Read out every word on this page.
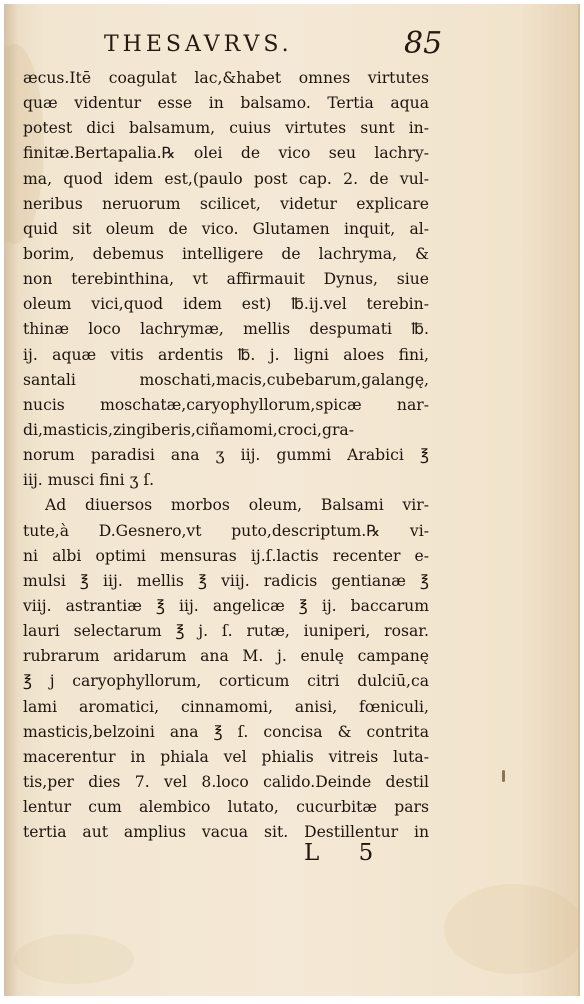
THESAVRVS.	85
æcus.Itē coagulat lac,&habet omnes virtutes
quæ videntur esse in balsamo. Tertia aqua
potest dici balsamum, cuius virtutes sunt in-
finitæ.Bertapalia.℞ olei de vico seu lachry-
ma, quod idem est,(paulo post cap. 2. de vul-
neribus neruorum scilicet, videtur explicare
quid sit oleum de vico. Glutamen inquit, al-
borim, debemus intelligere de lachryma, &
non terebinthina, vt affirmauit Dynus, siue
oleum vici,quod idem est) ℔.ij.vel terebin-
thinæ loco lachrymæ, mellis despumati ℔.
ij. aquæ vitis ardentis ℔. j. ligni aloes fini,
santali moschati,macis,cubebarum,galangę,
nucis moschatæ,caryophyllorum,spicæ nar-
di,masticis,zingiberis,ciñamomi,croci,gra-
norum paradisi ana ʒ iij. gummi Arabici ℥
iij. musci fini ʒ ſ.
Ad diuersos morbos oleum, Balsami vir-
tute,à D.Gesnero,vt puto,descriptum.℞ vi-
ni albi optimi mensuras ij.ſ.lactis recenter e-
mulsi ℥ iij. mellis ℥ viij. radicis gentianæ ℥
viij. astrantiæ ℥ iij. angelicæ ℥ ij. baccarum
lauri selectarum ℥ j. ſ. rutæ, iuniperi, rosar.
rubrarum aridarum ana M. j. enulę campanę
℥ j caryophyllorum, corticum citri dulciū,ca
lami aromatici, cinnamomi, anisi, fœniculi,
masticis,belzoini ana ℥ ſ. concisa & contrita
macerentur in phiala vel phialis vitreis luta-
tis,per dies 7. vel 8.loco calido.Deinde destil
lentur cum alembico lutato, cucurbitæ pars
tertia aut amplius vacua sit. Destillentur in
L 5
